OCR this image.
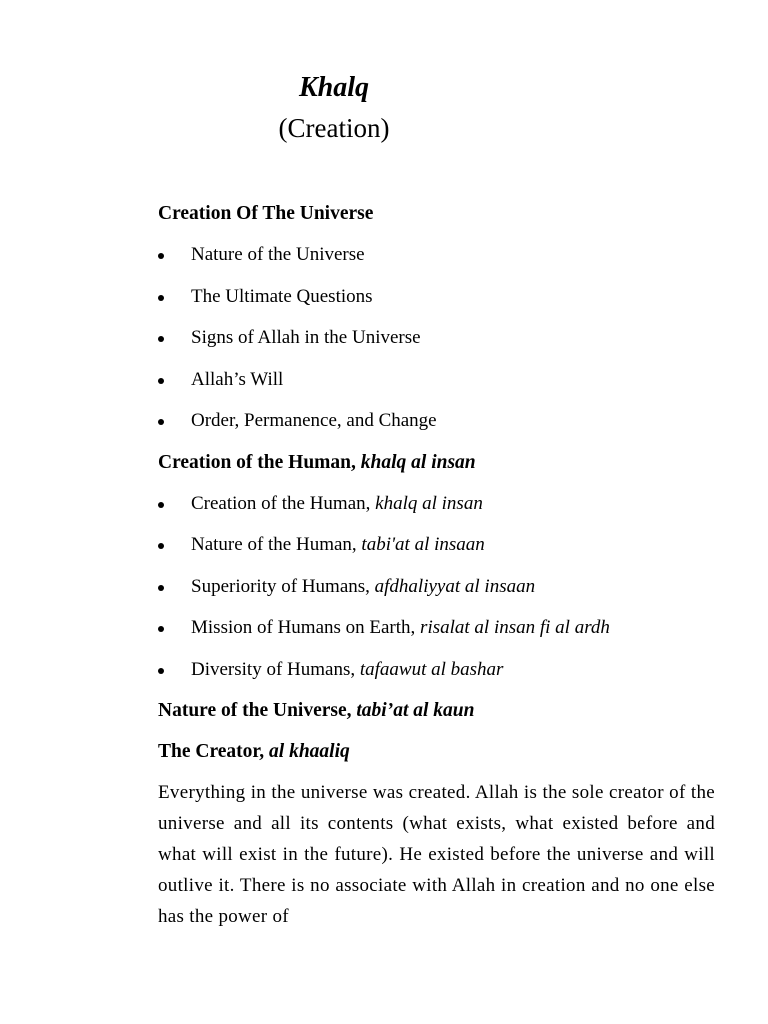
Khalq
(Creation)
Creation Of The Universe
Nature of the Universe
The Ultimate Questions
Signs of Allah in the Universe
Allah’s Will
Order, Permanence, and Change
Creation of the Human, khalq al insan
Creation of the Human, khalq al insan
Nature of the Human, tabi'at al insaan
Superiority of Humans, afdhaliyyat al insaan
Mission of Humans on Earth, risalat al insan fi al ardh
Diversity of Humans, tafaawut al bashar
Nature of the Universe, tabi’at al kaun
The Creator, al khaaliq
Everything in the universe was created. Allah is the sole creator of the universe and all its contents (what exists, what existed before and what will exist in the future). He existed before the universe and will outlive it. There is no associate with Allah in creation and no one else has the power of
